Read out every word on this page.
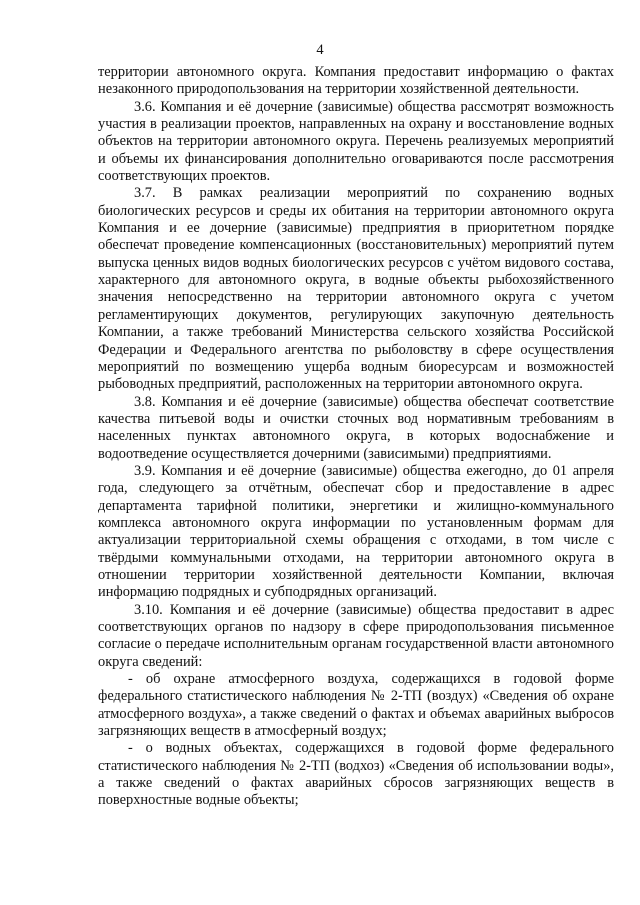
4

территории автономного округа. Компания предоставит информацию о фактах незаконного природопользования на территории хозяйственной деятельности.

3.6. Компания и её дочерние (зависимые) общества рассмотрят возможность участия в реализации проектов, направленных на охрану и восстановление водных объектов на территории автономного округа. Перечень реализуемых мероприятий и объемы их финансирования дополнительно оговариваются после рассмотрения соответствующих проектов.

3.7. В рамках реализации мероприятий по сохранению водных биологических ресурсов и среды их обитания на территории автономного округа Компания и ее дочерние (зависимые) предприятия в приоритетном порядке обеспечат проведение компенсационных (восстановительных) мероприятий путем выпуска ценных видов водных биологических ресурсов с учётом видового состава, характерного для автономного округа, в водные объекты рыбохозяйственного значения непосредственно на территории автономного округа с учетом регламентирующих документов, регулирующих закупочную деятельность Компании, а также требований Министерства сельского хозяйства Российской Федерации и Федерального агентства по рыболовству в сфере осуществления мероприятий по возмещению ущерба водным биоресурсам и возможностей рыбоводных предприятий, расположенных на территории автономного округа.

3.8. Компания и её дочерние (зависимые) общества обеспечат соответствие качества питьевой воды и очистки сточных вод нормативным требованиям в населенных пунктах автономного округа, в которых водоснабжение и водоотведение осуществляется дочерними (зависимыми) предприятиями.

3.9. Компания и её дочерние (зависимые) общества ежегодно, до 01 апреля года, следующего за отчётным, обеспечат сбор и предоставление в адрес департамента тарифной политики, энергетики и жилищно-коммунального комплекса автономного округа информации по установленным формам для актуализации территориальной схемы обращения с отходами, в том числе с твёрдыми коммунальными отходами, на территории автономного округа в отношении территории хозяйственной деятельности Компании, включая информацию подрядных и субподрядных организаций.

3.10. Компания и её дочерние (зависимые) общества предоставит в адрес соответствующих органов по надзору в сфере природопользования письменное согласие о передаче исполнительным органам государственной власти автономного округа сведений:

- об охране атмосферного воздуха, содержащихся в годовой форме федерального статистического наблюдения № 2-ТП (воздух) «Сведения об охране атмосферного воздуха», а также сведений о фактах и объемах аварийных выбросов загрязняющих веществ в атмосферный воздух;

- о водных объектах, содержащихся в годовой форме федерального статистического наблюдения № 2-ТП (водхоз) «Сведения об использовании воды», а также сведений о фактах аварийных сбросов загрязняющих веществ в поверхностные водные объекты;
